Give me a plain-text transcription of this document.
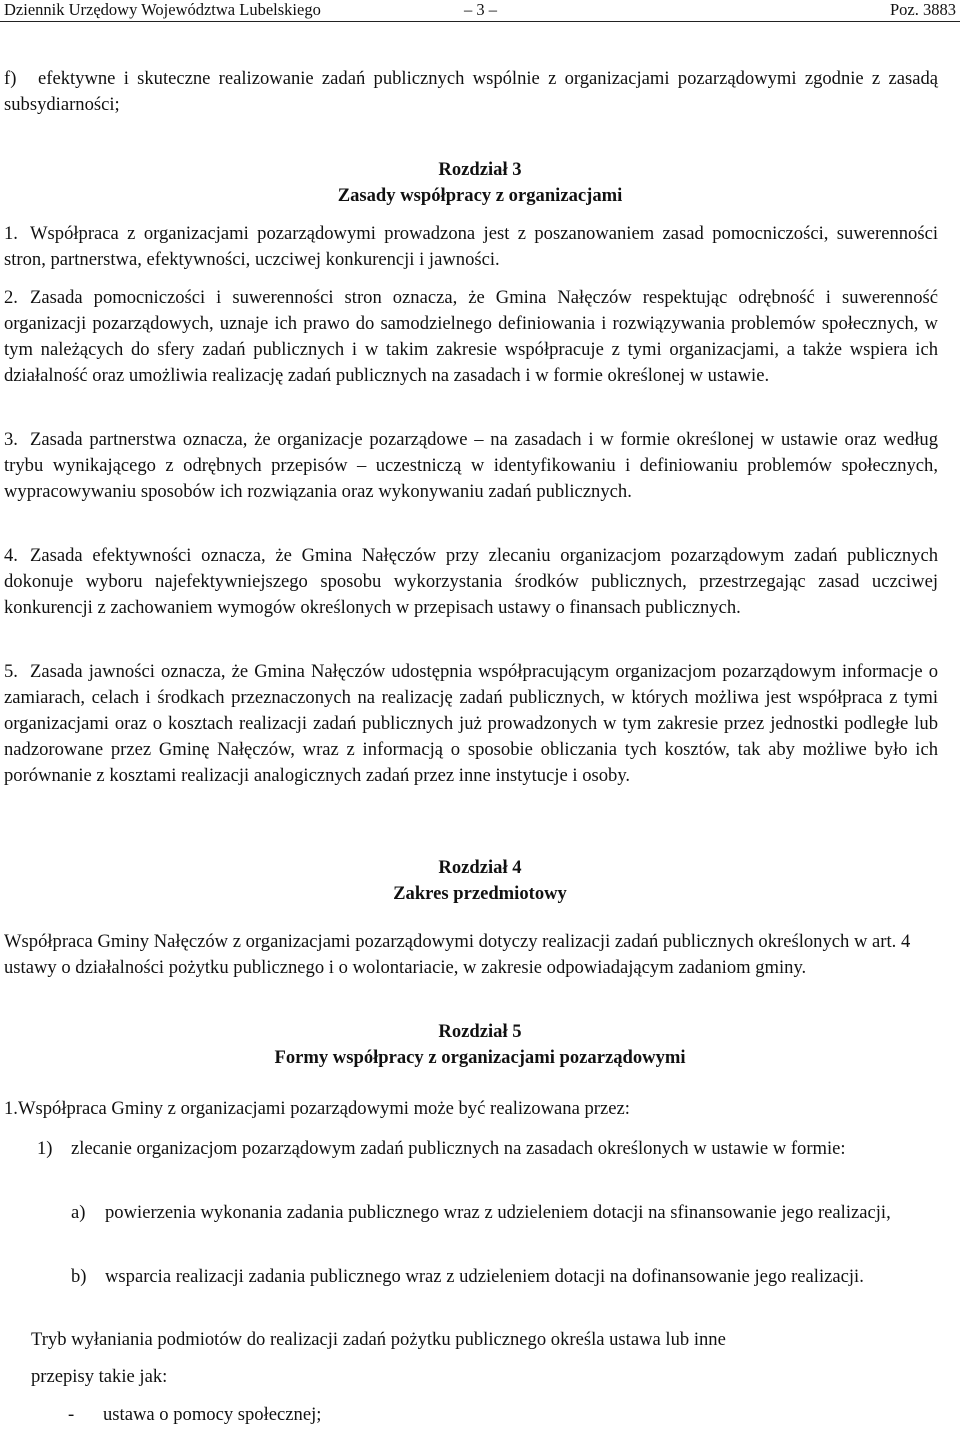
Dziennik Urzędowy Województwa Lubelskiego	– 3 –	Poz. 3883
f) efektywne i skuteczne realizowanie zadań publicznych wspólnie z organizacjami pozarządowymi zgodnie z zasadą subsydiarności;
Rozdział 3
Zasady współpracy z organizacjami
1. Współpraca z organizacjami pozarządowymi prowadzona jest z poszanowaniem zasad pomocniczości, suwerenności stron, partnerstwa, efektywności, uczciwej konkurencji i jawności.
2. Zasada pomocniczości i suwerenności stron oznacza, że Gmina Nałęczów respektując odrębność i suwerenność organizacji pozarządowych, uznaje ich prawo do samodzielnego definiowania i rozwiązywania problemów społecznych, w tym należących do sfery zadań publicznych i w takim zakresie współpracuje z tymi organizacjami, a także wspiera ich działalność oraz umożliwia realizację zadań publicznych na zasadach i w formie określonej w ustawie.
3. Zasada partnerstwa oznacza, że organizacje pozarządowe – na zasadach i w formie określonej w ustawie oraz według trybu wynikającego z odrębnych przepisów – uczestniczą w identyfikowaniu i definiowaniu problemów społecznych, wypracowywaniu sposobów ich rozwiązania oraz wykonywaniu zadań publicznych.
4. Zasada efektywności oznacza, że Gmina Nałęczów przy zlecaniu organizacjom pozarządowym zadań publicznych dokonuje wyboru najefektywniejszego sposobu wykorzystania środków publicznych, przestrzegając zasad uczciwej konkurencji z zachowaniem wymogów określonych w przepisach ustawy o finansach publicznych.
5. Zasada jawności oznacza, że Gmina Nałęczów udostępnia współpracującym organizacjom pozarządowym informacje o zamiarach, celach i środkach przeznaczonych na realizację zadań publicznych, w których możliwa jest współpraca z tymi organizacjami oraz o kosztach realizacji zadań publicznych już prowadzonych w tym zakresie przez jednostki podległe lub nadzorowane przez Gminę Nałęczów, wraz z informacją o sposobie obliczania tych kosztów, tak aby możliwe było ich porównanie z kosztami realizacji analogicznych zadań przez inne instytucje i osoby.
Rozdział 4
Zakres przedmiotowy
Współpraca Gminy Nałęczów z organizacjami pozarządowymi dotyczy realizacji zadań publicznych określonych w art. 4 ustawy o działalności pożytku publicznego i o wolontariacie, w zakresie odpowiadającym zadaniom gminy.
Rozdział 5
Formy współpracy z organizacjami pozarządowymi
1.Współpraca Gminy z organizacjami pozarządowymi może być realizowana przez:
1) zlecanie organizacjom pozarządowym zadań publicznych na zasadach określonych w ustawie w formie:
a) powierzenia wykonania zadania publicznego wraz z udzieleniem dotacji na sfinansowanie jego realizacji,
b) wsparcia realizacji zadania publicznego wraz z udzieleniem dotacji na dofinansowanie jego realizacji.
Tryb wyłaniania podmiotów do realizacji zadań pożytku publicznego określa ustawa lub inne
przepisy takie jak:
- ustawa o pomocy społecznej;
